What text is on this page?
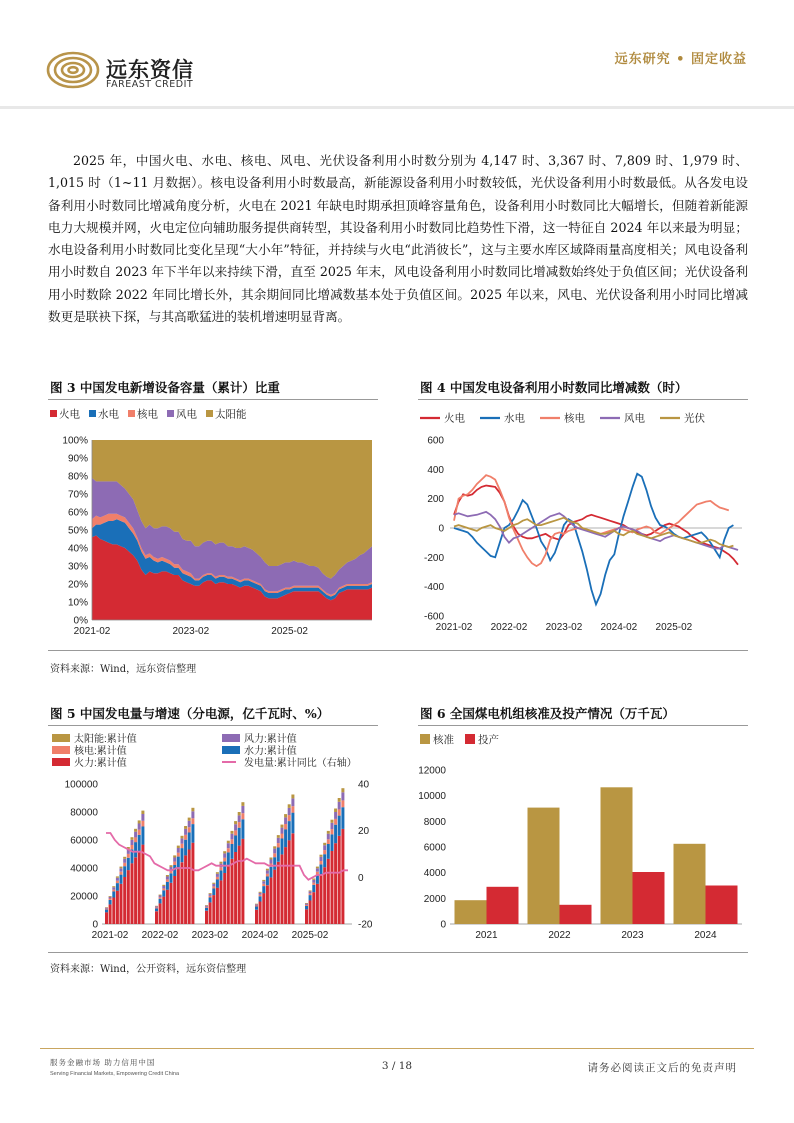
远东资信
FAREAST CREDIT
远东研究 • 固定收益
2025 年，中国火电、水电、核电、风电、光伏设备利用小时数分别为 4,147 时、3,367 时、7,809 时、1,979 时、1,015 时（1~11 月数据）。核电设备利用小时数最高，新能源设备利用小时数较低，光伏设备利用小时数最低。从各发电设备利用小时数同比增减角度分析，火电在 2021 年缺电时期承担顶峰容量角色，设备利用小时数同比大幅增长，但随着新能源电力大规模并网，火电定位向辅助服务提供商转型，其设备利用小时数同比趋势性下滑，这一特征自 2024 年以来最为明显；水电设备利用小时数同比变化呈现“大小年”特征，并持续与火电“此消彼长”，这与主要水库区域降雨量高度相关；风电设备利用小时数自 2023 年下半年以来持续下滑，直至 2025 年末，风电设备利用小时数同比增减数始终处于负值区间；光伏设备利用小时数除 2022 年同比增长外，其余期间同比增减数基本处于负值区间。2025 年以来，风电、光伏设备利用小时同比增减数更是联袂下探，与其高歌猛进的装机增速明显背离。
图 3 中国发电新增设备容量（累计）比重	图 4 中国发电设备利用小时数同比增减数（时）
火电 水电 核电 风电 太阳能
0%
10%
20%
30%
40%
50%
60%
70%
80%
90%
100%
2021-02	2023-02	2025-02
火电	水电	核电	风电	光伏
-600
-400
-200
0
200
400
600
2021-02 2022-02 2023-02 2024-02 2025-02
资料来源：Wind，远东资信整理
图 5 中国发电量与增速（分电源，亿千瓦时、%）	图 6 全国煤电机组核准及投产情况（万千瓦）
太阳能:累计值	风力:累计值
核电:累计值	水力:累计值
火力:累计值	发电量:累计同比（右轴）
0
20000
40000
60000
80000
100000
-20
0
20
40
2021-02 2022-02 2023-02 2024-02 2025-02
核准 投产
0
2000
4000
6000
8000
10000
12000
2021	2022	2023	2024
资料来源：Wind，公开资料，远东资信整理
服务金融市场 助力信用中国
Serving Financial Markets, Empowering Credit China
3 / 18	请务必阅读正文后的免责声明
